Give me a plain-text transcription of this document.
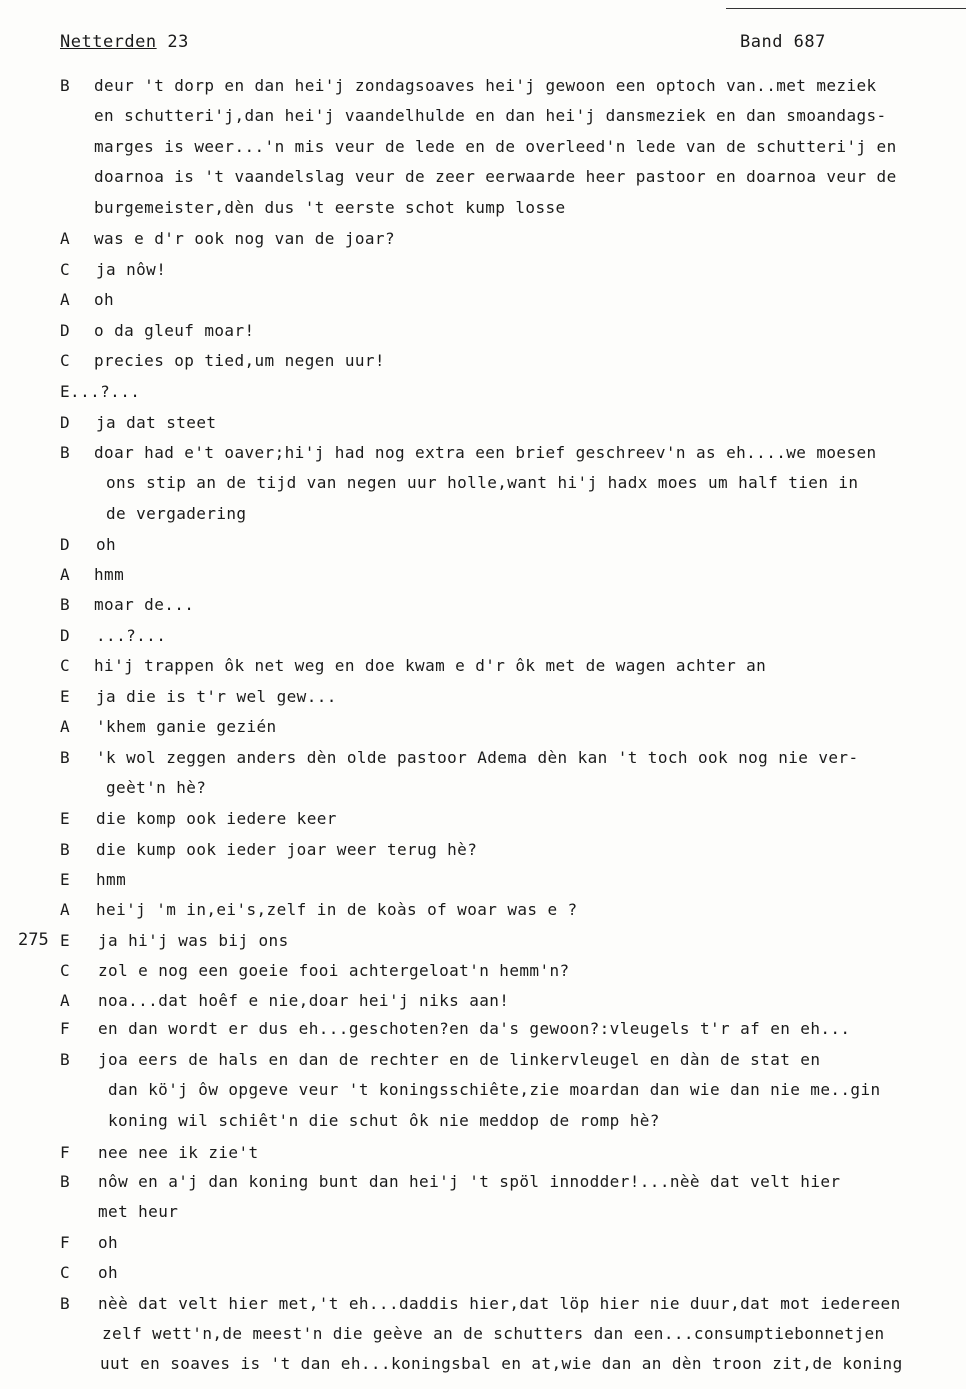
Netterden 23	Band 687
275
B	deur 't dorp en dan hei'j zondagsoaves hei'j gewoon een optoch van..met meziek
en schutteri'j,dan hei'j vaandelhulde en dan hei'j dansmeziek en dan smoandags-
marges is weer...'n mis veur de lede en de overleed'n lede van de schutteri'j en
doarnoa is 't vaandelslag veur de zeer eerwaarde heer pastoor en doarnoa veur de
burgemeister,dèn dus 't eerste schot kump losse
A	was e d'r ook nog van de joar?
C	ja nôw!
A	oh
D	o da gleuf moar!
C	precies op tied,um negen uur!
E...?...
D	ja dat steet
B	doar had e't oaver;hi'j had nog extra een brief geschreev'n as eh....we moesen
ons stip an de tijd van negen uur holle,want hi'j hadx moes um half tien in
de vergadering
D	oh
A	hmm
B	moar de...
D	...?...
C	hi'j trappen ôk net weg en doe kwam e d'r ôk met de wagen achter an
E	ja die is t'r wel gew...
A	'khem ganie gezién
B	'k wol zeggen anders dèn olde pastoor Adema dèn kan 't toch ook nog nie ver-
geèt'n hè?
E	die komp ook iedere keer
B	die kump ook ieder joar weer terug hè?
E	hmm
A	hei'j 'm in,ei's,zelf in de koàs of woar was e ?
E	ja hi'j was bij ons
C	zol e nog een goeie fooi achtergeloat'n hemm'n?
A	noa...dat hoêf e nie,doar hei'j niks aan!
F	en dan wordt er dus eh...geschoten?en da's gewoon?:vleugels t'r af en eh...
B	joa eers de hals en dan de rechter en de linkervleugel en dàn de stat en
dan kö'j ôw opgeve veur 't koningsschiête,zie moardan dan wie dan nie me..gin
koning wil schiêt'n die schut ôk nie meddop de romp hè?
F	nee nee ik zie't
B	nôw en a'j dan koning bunt dan hei'j 't spöl innodder!...nèè dat velt hier
met heur
F	oh
C	oh
B	nèè dat velt hier met,'t eh...daddis hier,dat löp hier nie duur,dat mot iedereen
zelf wett'n,de meest'n die geève an de schutters dan een...consumptiebonnetjen
uut en soaves is 't dan eh...koningsbal en at,wie dan an dèn troon zit,de koning
